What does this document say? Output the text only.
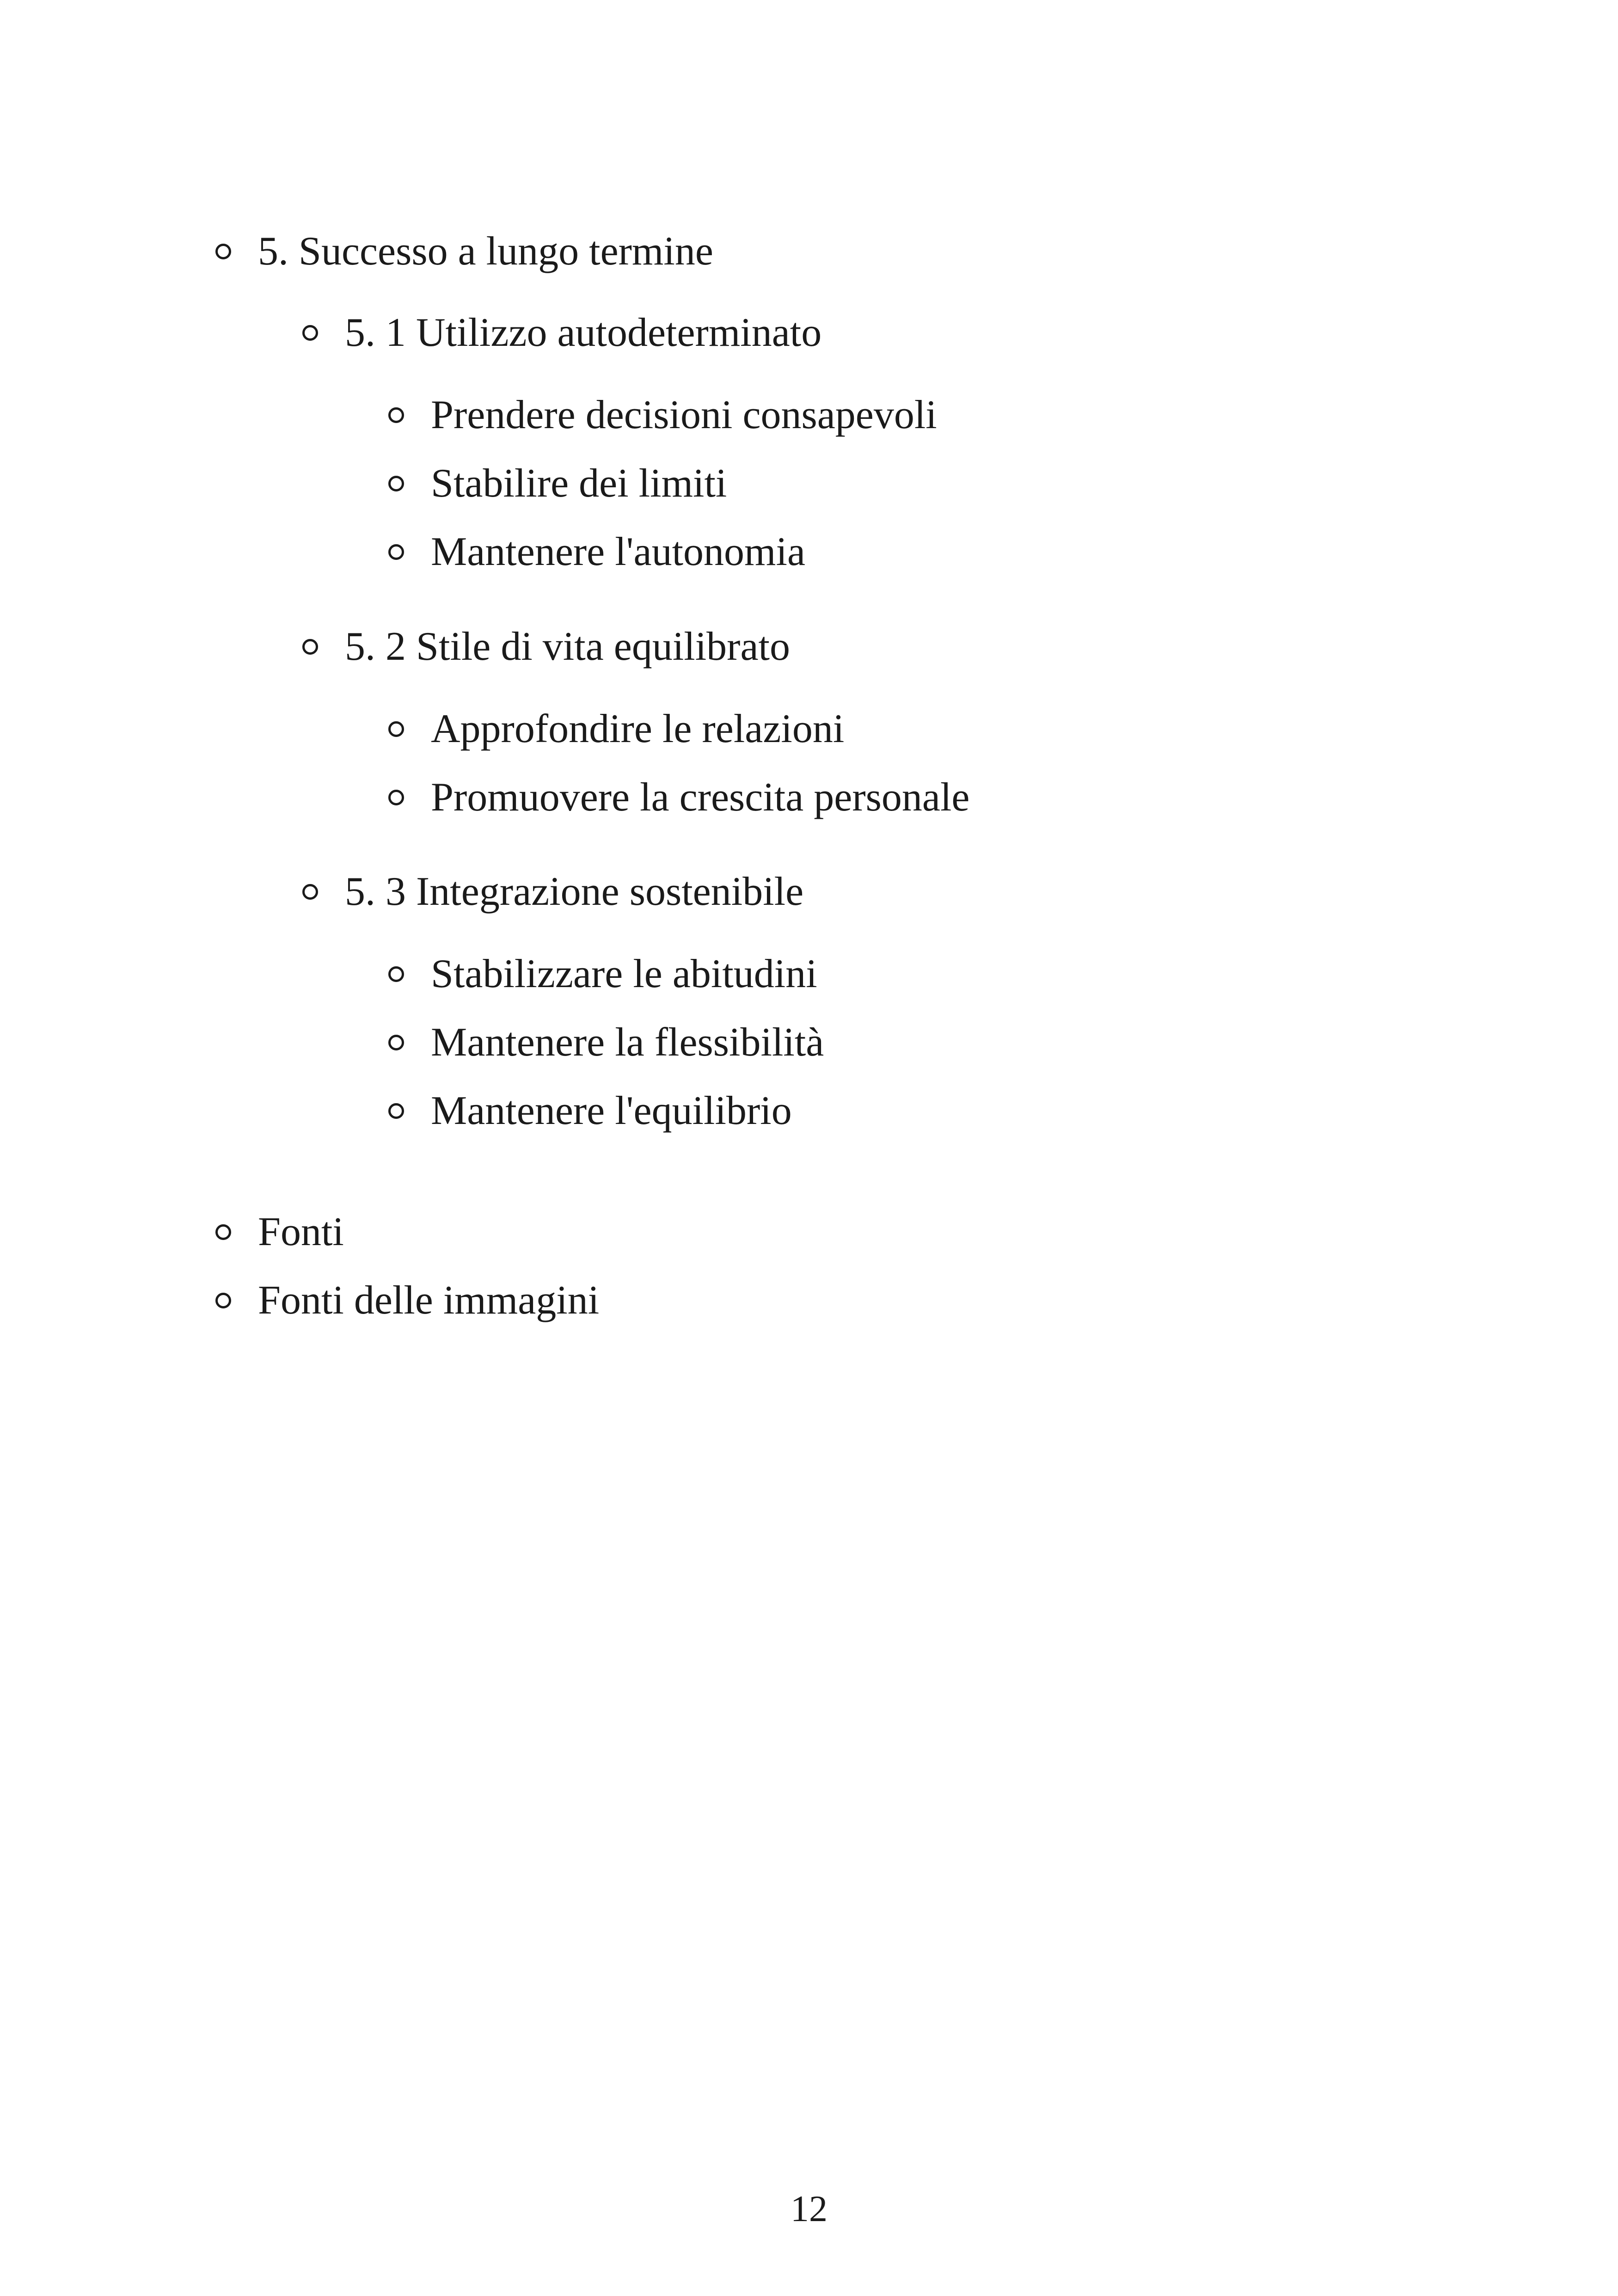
5. Successo a lungo termine
5. 1 Utilizzo autodeterminato
Prendere decisioni consapevoli
Stabilire dei limiti
Mantenere l'autonomia
5. 2 Stile di vita equilibrato
Approfondire le relazioni
Promuovere la crescita personale
5. 3 Integrazione sostenibile
Stabilizzare le abitudini
Mantenere la flessibilità
Mantenere l'equilibrio
Fonti
Fonti delle immagini
12
